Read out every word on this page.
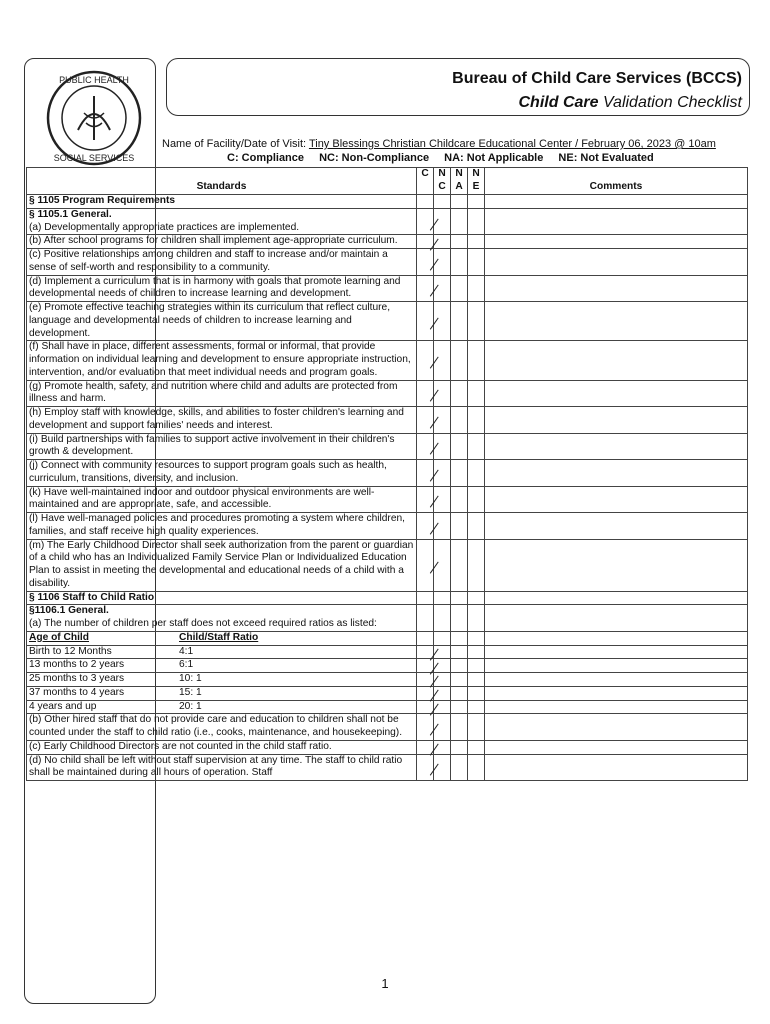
PUBLIC HEALTH
SOCIAL SERVICES
Bureau of Child Care Services (BCCS)
Child Care Validation Checklist
Name of Facility/Date of Visit: Tiny Blessings Christian Childcare Educational Center / February 06, 2023 @ 10am
C: Compliance NC: Non-Compliance NA: Not Applicable NE: Not Evaluated
Standards	C	N C	N A	N E	Comments
§ 1105 Program Requirements					

§ 1105.1 General.
(a) Developmentally appropriate practices are implemented.					

(b) After school programs for children shall implement age-appropriate curriculum.					

(c) Positive relationships among children and staff to increase and/or maintain a sense of self-worth and responsibility to a community.					

(d) Implement a curriculum that is in harmony with goals that promote learning and developmental needs of children to increase learning and development.					

(e) Promote effective teaching strategies within its curriculum that reflect culture, language and developmental needs of children to increase learning and development.					

(f) Shall have in place, different assessments, formal or informal, that provide information on individual learning and development to ensure appropriate instruction, intervention, and/or evaluation that meet individual needs and program goals.					

(g) Promote health, safety, and nutrition where child and adults are protected from illness and harm.					

(h) Employ staff with knowledge, skills, and abilities to foster children's learning and development and support families' needs and interest.					

(i) Build partnerships with families to support active involvement in their children's growth & development.					

(j) Connect with community resources to support program goals such as health, curriculum, transitions, diversity, and inclusion.					

(k) Have well-maintained indoor and outdoor physical environments are well-maintained and are appropriate, safe, and accessible.					

(l) Have well-managed policies and procedures promoting a system where children, families, and staff receive high quality experiences.					

(m) The Early Childhood Director shall seek authorization from the parent or guardian of a child who has an Individualized Family Service Plan or Individualized Education Plan to assist in meeting the developmental and educational needs of a child with a disability.					

§ 1106 Staff to Child Ratio					

§1106.1 General.
(a) The number of children per staff does not exceed required ratios as listed:					

Age of Child Child/Staff Ratio					
Birth to 12 Months 4:1					
13 months to 2 years 6:1					
25 months to 3 years 10: 1					
37 months to 4 years 15: 1					
4 years and up 20: 1					

(b) Other hired staff that do not provide care and education to children shall not be counted under the staff to child ratio (i.e., cooks, maintenance, and housekeeping).					

(c) Early Childhood Directors are not counted in the child staff ratio.					

(d) No child shall be left without staff supervision at any time. The staff to child ratio shall be maintained during all hours of operation. Staff					

1
